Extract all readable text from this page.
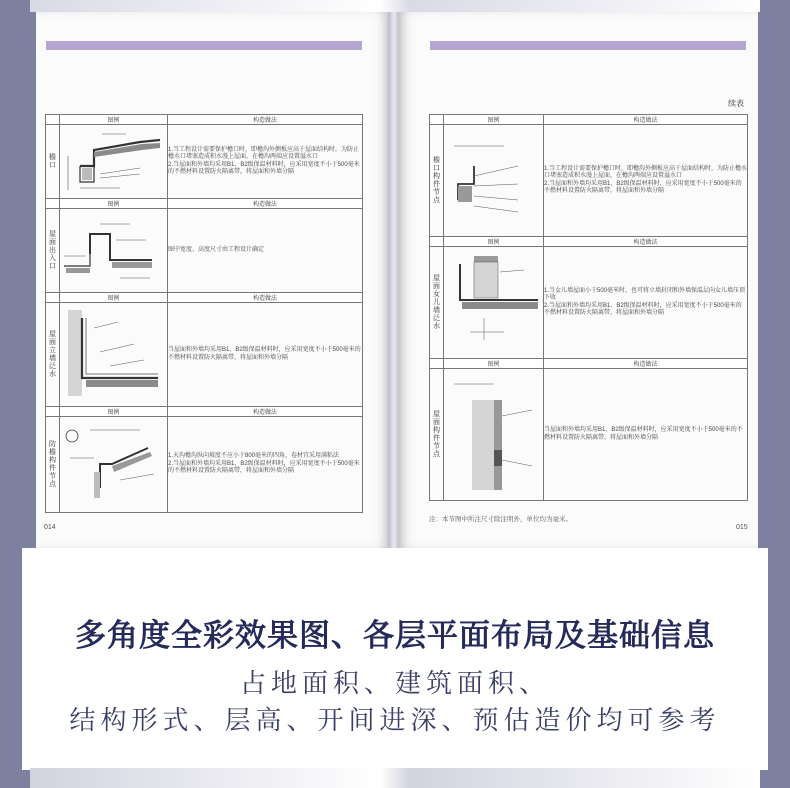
	图例	构造做法
檐口		1.当工程设计需要保护檐口时，即檐沟外侧板应高于屋面结构时，为防止檐水口堵塞造成积水漫上屋面，在檐沟两端应设置溢水口
2.当屋面和外墙均采用B1、B2级保温材料时，应采用宽度不小于500毫米的不燃材料设置防火隔离带，将屋面和外墙分隔
	图例	构造做法
屋面出入口		图中宽度、高度尺寸由工程设计确定
	图例	构造做法
屋面立墙泛水		当屋面和外墙均采用B1、B2级保温材料时，应采用宽度不小于500毫米的不燃材料设置防火隔离带，将屋面和外墙分隔
	图例	构造做法
防檐构件节点		1.天沟檐沟纵向坡度不应小于800毫米的四角，卷材宜采用满粘法
2.当屋面和外墙均采用B1、B2级保温材料时，应采用宽度不小于500毫米的不燃材料设置防火隔离带，将屋面和外墙分隔
014
续表
	图例	构造做法
檐口构件节点		1.当工程设计需要保护檐口时，即檐沟外侧板应高于屋面结构时，为防止檐水口堵塞造成积水漫上屋面，在檐沟两端应设置溢水口
2.当屋面和外墙均采用B1、B2级保温材料时，应采用宽度不小于500毫米的不燃材料设置防火隔离带，将屋面和外墙分隔
	图例	构造做法
屋面女儿墙泛水		1.当女儿墙屋面小于500毫米时，也可将立墙封闭和外墙保温层向女儿墙压顶下收
2.当屋面和外墙均采用B1、B2级保温材料时，应采用宽度不小于500毫米的不燃材料设置防火隔离带，将屋面和外墙分隔
	图例	构造做法
屋面构件节点		当屋面和外墙均采用B1、B2级保温材料时，应采用宽度不小于500毫米的不燃材料设置防火隔离带，将屋面和外墙分隔
注：本节图中所注尺寸除注明外，单位均为毫米。
015
多角度全彩效果图、各层平面布局及基础信息
占地面积、建筑面积、
结构形式、层高、开间进深、预估造价均可参考
